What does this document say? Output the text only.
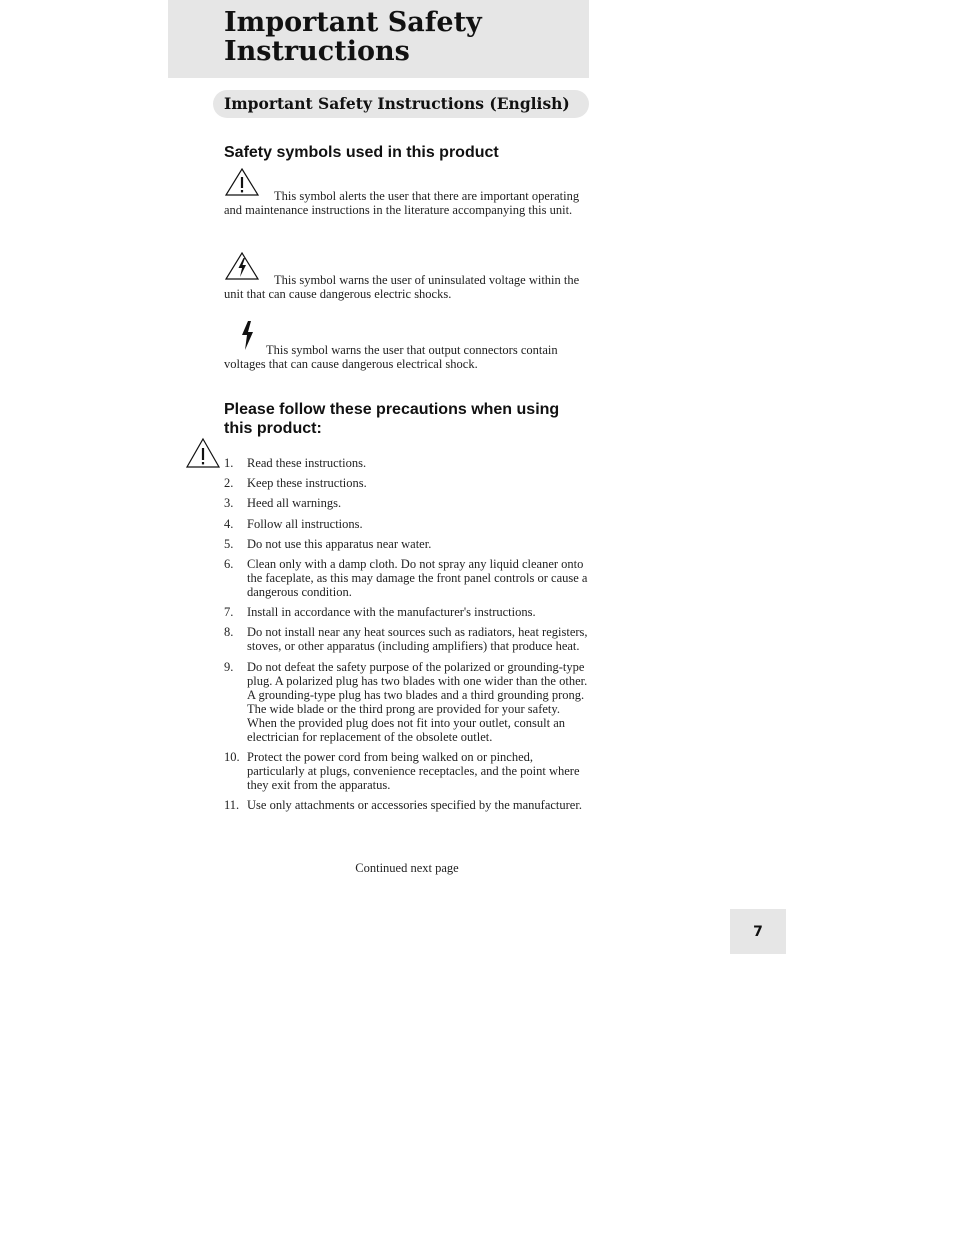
Important Safety
Instructions
Important Safety Instructions (English)
Safety symbols used in this product

This symbol alerts the user that there are important operating and maintenance instructions in the literature accompanying this unit.

This symbol warns the user of uninsulated voltage within the unit that can cause dangerous electric shocks.

This symbol warns the user that output connectors contain voltages that can cause dangerous electrical shock.

Please follow these precautions when using this product:
1. Read these instructions.
2. Keep these instructions.
3. Heed all warnings.
4. Follow all instructions.
5. Do not use this apparatus near water.
6. Clean only with a damp cloth. Do not spray any liquid cleaner onto the faceplate, as this may damage the front panel controls or cause a dangerous condition.
7. Install in accordance with the manufacturer's instructions.
8. Do not install near any heat sources such as radiators, heat registers, stoves, or other apparatus (including amplifiers) that produce heat.
9. Do not defeat the safety purpose of the polarized or grounding-type plug. A polarized plug has two blades with one wider than the other. A grounding-type plug has two blades and a third grounding prong. The wide blade or the third prong are provided for your safety. When the provided plug does not fit into your outlet, consult an electrician for replacement of the obsolete outlet.
10. Protect the power cord from being walked on or pinched, particularly at plugs, convenience receptacles, and the point where they exit from the apparatus.
11. Use only attachments or accessories specified by the manufacturer.
Continued next page
7
